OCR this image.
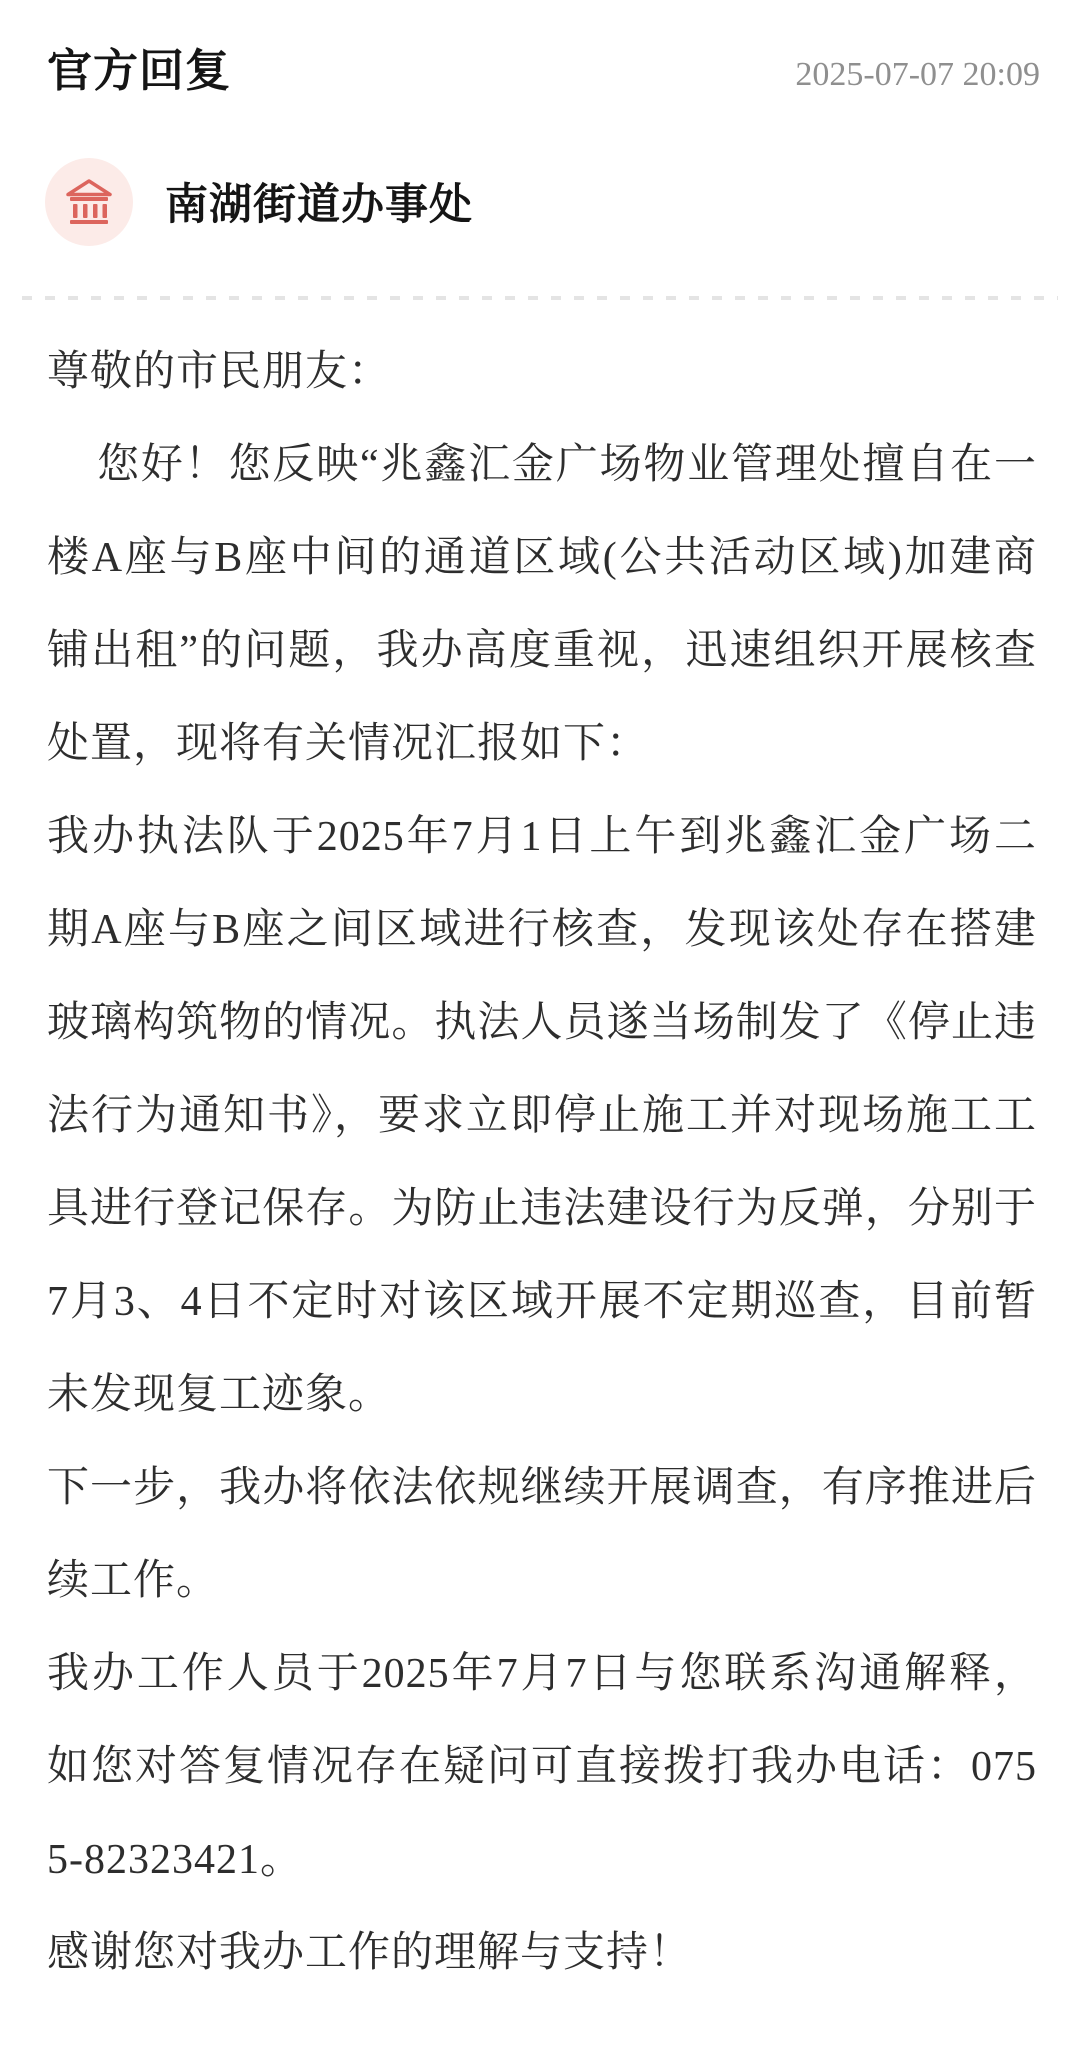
官方回复	2025-07-07 20:09
南湖街道办事处

尊敬的市民朋友：

您好！您反映“兆鑫汇金广场物业管理处擅自在一楼A座与B座中间的通道区域(公共活动区域)加建商铺出租”的问题，我办高度重视，迅速组织开展核查处置，现将有关情况汇报如下：

我办执法队于2025年7月1日上午到兆鑫汇金广场二期A座与B座之间区域进行核查，发现该处存在搭建玻璃构筑物的情况。执法人员遂当场制发了《停止违法行为通知书》，要求立即停止施工并对现场施工工具进行登记保存。为防止违法建设行为反弹，分别于7月3、4日不定时对该区域开展不定期巡查，目前暂未发现复工迹象。

下一步，我办将依法依规继续开展调查，有序推进后续工作。

我办工作人员于2025年7月7日与您联系沟通解释，如您对答复情况存在疑问可直接拨打我办电话：0755-82323421。

感谢您对我办工作的理解与支持！
